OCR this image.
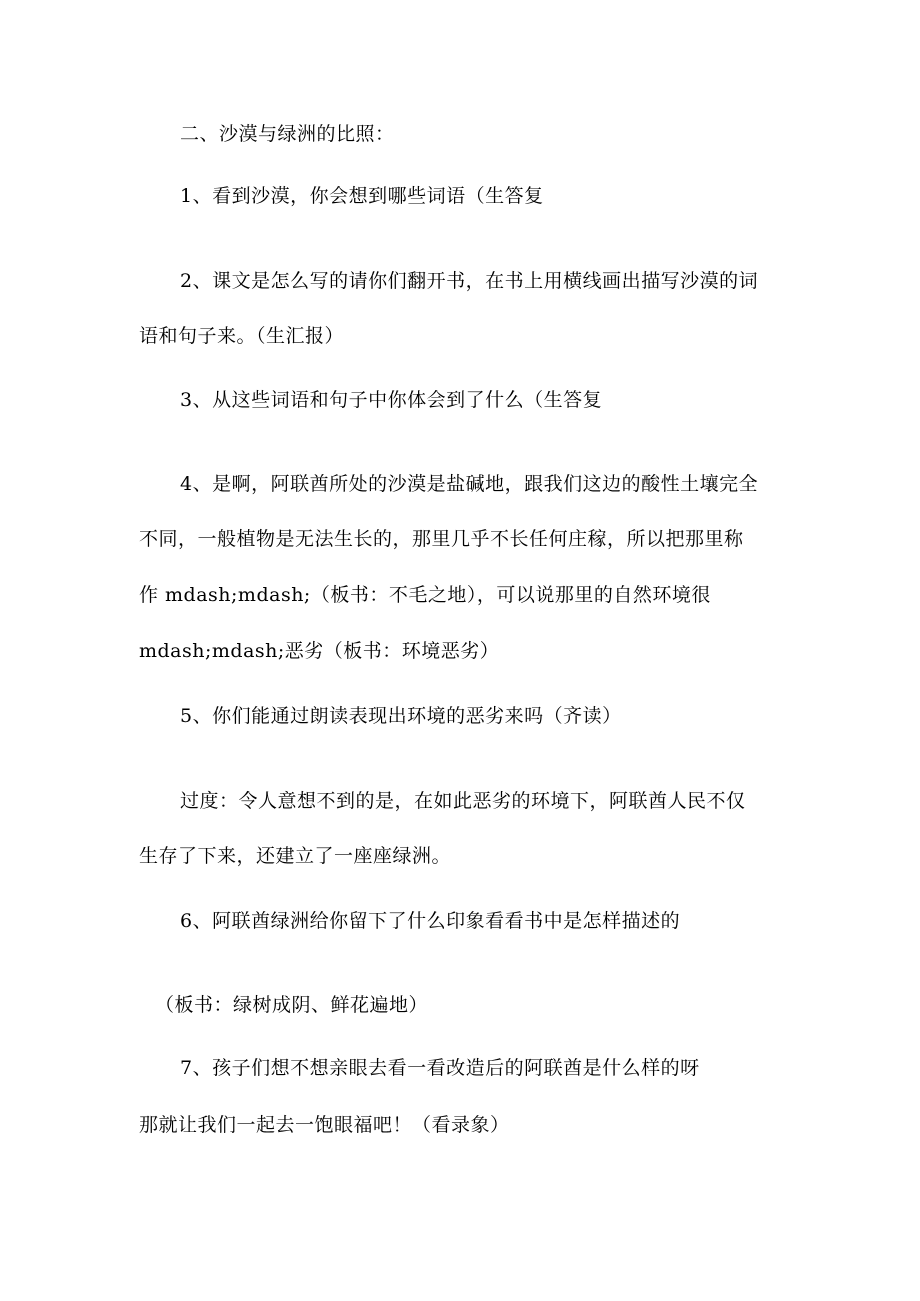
二、沙漠与绿洲的比照：
1、看到沙漠，你会想到哪些词语（生答复
2、课文是怎么写的请你们翻开书，在书上用横线画出描写沙漠的词
语和句子来。（生汇报）
3、从这些词语和句子中你体会到了什么（生答复
4、是啊，阿联酋所处的沙漠是盐碱地，跟我们这边的酸性土壤完全
不同，一般植物是无法生长的，那里几乎不长任何庄稼，所以把那里称
作 mdash;mdash;（板书：不毛之地），可以说那里的自然环境很
mdash;mdash;恶劣（板书：环境恶劣）
5、你们能通过朗读表现出环境的恶劣来吗（齐读）
过度：令人意想不到的是，在如此恶劣的环境下，阿联酋人民不仅
生存了下来，还建立了一座座绿洲。
6、阿联酋绿洲给你留下了什么印象看看书中是怎样描述的
（板书：绿树成阴、鲜花遍地）
7、孩子们想不想亲眼去看一看改造后的阿联酋是什么样的呀
那就让我们一起去一饱眼福吧！（看录象）
